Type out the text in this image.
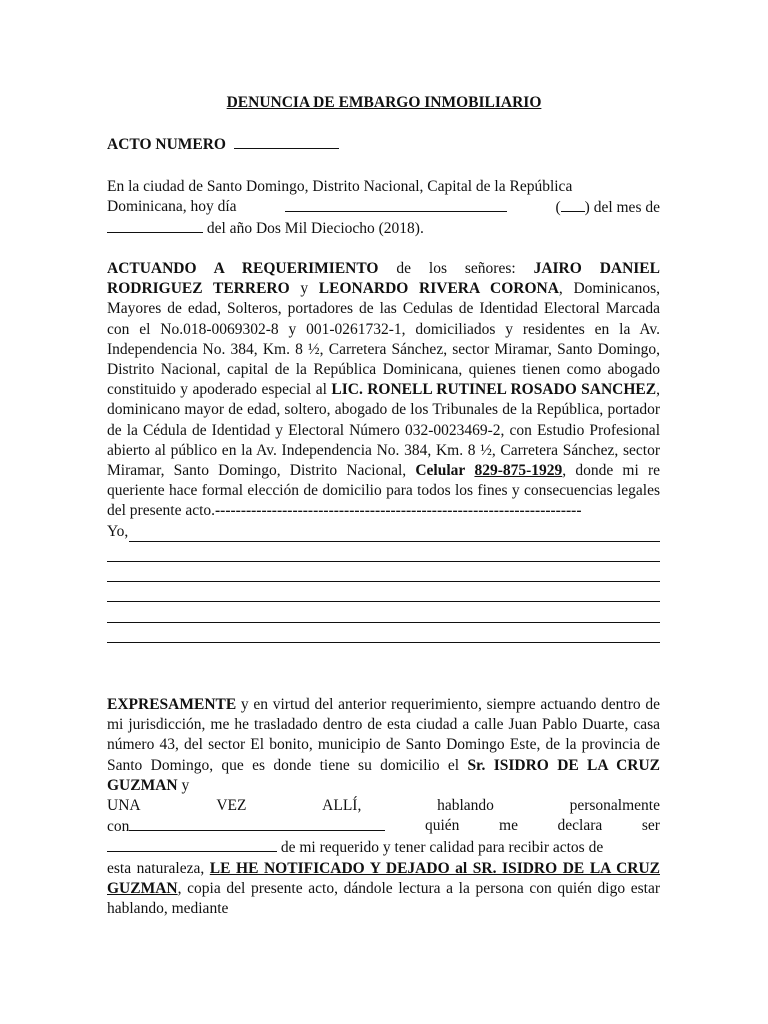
DENUNCIA DE EMBARGO INMOBILIARIO
ACTO NUMERO
En la ciudad de Santo Domingo, Distrito Nacional, Capital de la República
Dominicana, hoy día	( ) del mes de
del año Dos Mil Dieciocho (2018).
ACTUANDO A REQUERIMIENTO de los señores: JAIRO DANIEL RODRIGUEZ TERRERO y LEONARDO RIVERA CORONA, Dominicanos, Mayores de edad, Solteros, portadores de las Cedulas de Identidad Electoral Marcada con el No.018-0069302-8 y 001-0261732-1, domiciliados y residentes en la Av. Independencia No. 384, Km. 8 ½, Carretera Sánchez, sector Miramar, Santo Domingo, Distrito Nacional, capital de la República Dominicana, quienes tienen como abogado constituido y apoderado especial al LIC. RONELL RUTINEL ROSADO SANCHEZ, dominicano mayor de edad, soltero, abogado de los Tribunales de la República, portador de la Cédula de Identidad y Electoral Número 032-0023469-2, con Estudio Profesional abierto al público en la Av. Independencia No. 384, Km. 8 ½, Carretera Sánchez, sector Miramar, Santo Domingo, Distrito Nacional, Celular 829-875-1929, donde mi re queriente hace formal elección de domicilio para todos los fines y consecuencias legales del presente acto.-----------------------------------------------------------------------
Yo,
EXPRESAMENTE y en virtud del anterior requerimiento, siempre actuando dentro de mi jurisdicción, me he trasladado dentro de esta ciudad a calle Juan Pablo Duarte, casa número 43, del sector El bonito, municipio de Santo Domingo Este, de la provincia de Santo Domingo, que es donde tiene su domicilio el Sr. ISIDRO DE LA CRUZ GUZMAN y
UNA	VEZ	ALLÍ,	hablando	personalmente
con	quién	me	declara	ser
de mi requerido y tener calidad para recibir actos de
esta naturaleza, LE HE NOTIFICADO Y DEJADO al SR. ISIDRO DE LA CRUZ GUZMAN, copia del presente acto, dándole lectura a la persona con quién digo estar hablando, mediante
